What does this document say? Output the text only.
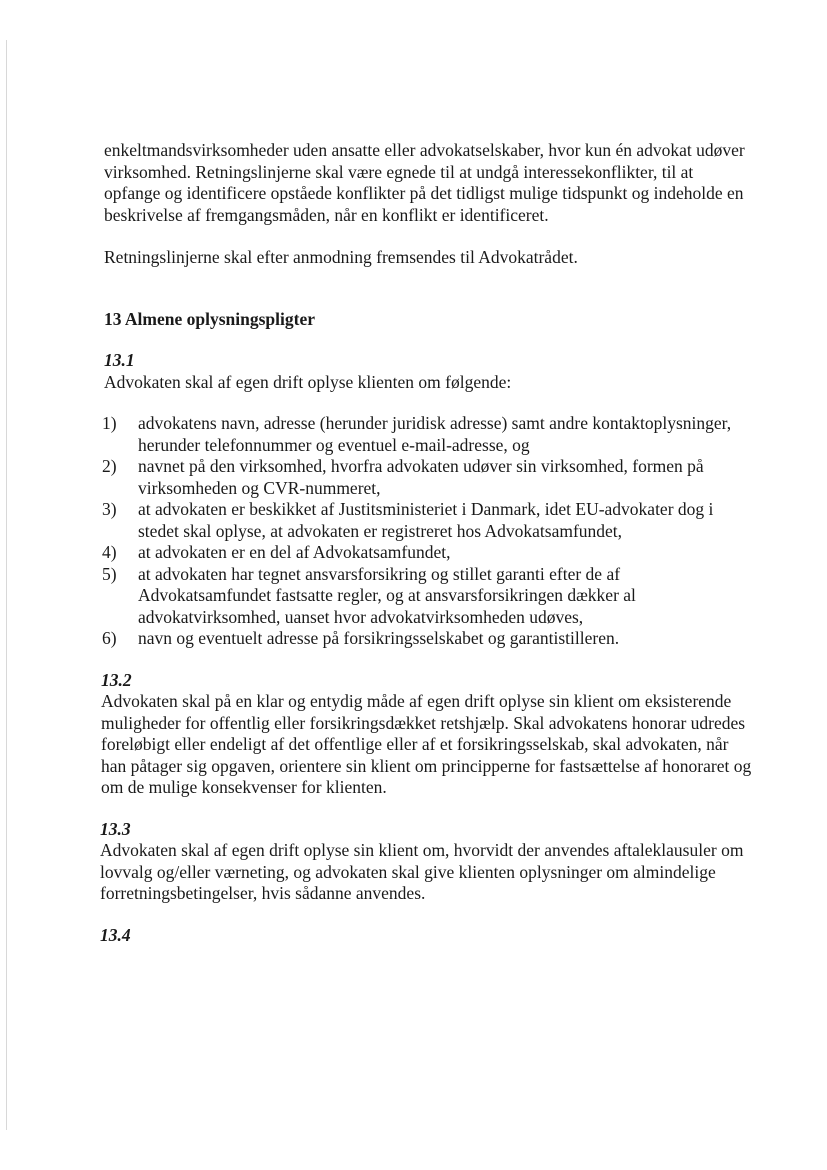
enkeltmandsvirksomheder uden ansatte eller advokatselskaber, hvor kun én advokat udøver virksomhed. Retningslinjerne skal være egnede til at undgå interessekonflikter, til at opfange og identificere opståede konflikter på det tidligst mulige tidspunkt og indeholde en beskrivelse af fremgangsmåden, når en konflikt er identificeret.

Retningslinjerne skal efter anmodning fremsendes til Advokatrådet.

13 Almene oplysningspligter

13.1

Advokaten skal af egen drift oplyse klienten om følgende:

1) advokatens navn, adresse (herunder juridisk adresse) samt andre kontaktoplysninger, herunder telefonnummer og eventuel e-mail-adresse, og
2) navnet på den virksomhed, hvorfra advokaten udøver sin virksomhed, formen på virksomheden og CVR-nummeret,
3) at advokaten er beskikket af Justitsministeriet i Danmark, idet EU-advokater dog i stedet skal oplyse, at advokaten er registreret hos Advokatsamfundet,
4) at advokaten er en del af Advokatsamfundet,
5) at advokaten har tegnet ansvarsforsikring og stillet garanti efter de af Advokatsamfundet fastsatte regler, og at ansvarsforsikringen dækker al advokatvirksomhed, uanset hvor advokatvirksomheden udøves,
6) navn og eventuelt adresse på forsikringsselskabet og garantistilleren.

13.2

Advokaten skal på en klar og entydig måde af egen drift oplyse sin klient om eksisterende muligheder for offentlig eller forsikringsdækket retshjælp. Skal advokatens honorar udredes foreløbigt eller endeligt af det offentlige eller af et forsikringsselskab, skal advokaten, når han påtager sig opgaven, orientere sin klient om principperne for fastsættelse af honoraret og om de mulige konsekvenser for klienten.

13.3

Advokaten skal af egen drift oplyse sin klient om, hvorvidt der anvendes aftaleklausuler om lovvalg og/eller værneting, og advokaten skal give klienten oplysninger om almindelige forretningsbetingelser, hvis sådanne anvendes.

13.4
